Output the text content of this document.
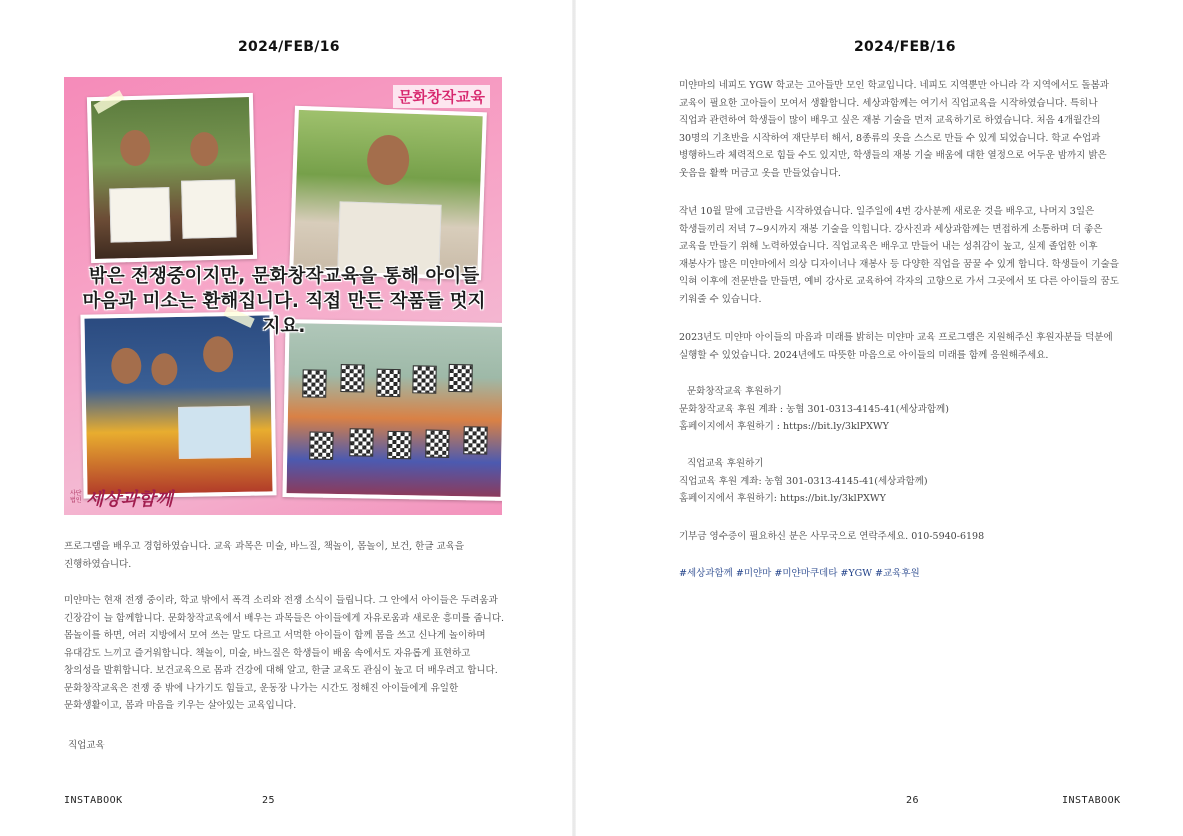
2024/FEB/16
문화창작교육
밖은 전쟁중이지만, 문화창작교육을 통해 아이들
마음과 미소는 환해집니다. 직접 만든 작품들 멋지지요.
사단
법인 세상과함께

프로그램을 배우고 경험하였습니다. 교육 과목은 미술, 바느질, 책놀이, 몸놀이, 보건, 한글 교육을
진행하였습니다.

미얀마는 현재 전쟁 중이라, 학교 밖에서 폭격 소리와 전쟁 소식이 들립니다. 그 안에서 아이들은 두려움과
긴장감이 늘 함께합니다. 문화창작교육에서 배우는 과목들은 아이들에게 자유로움과 새로운 흥미를 줍니다.
몸놀이를 하면, 여러 지방에서 모여 쓰는 말도 다르고 서먹한 아이들이 함께 몸을 쓰고 신나게 놀이하며
유대감도 느끼고 즐거워합니다. 책놀이, 미술, 바느질은 학생들이 배움 속에서도 자유롭게 표현하고
창의성을 발휘합니다. 보건교육으로 몸과 건강에 대해 알고, 한글 교육도 관심이 높고 더 배우려고 합니다.
문화창작교육은 전쟁 중 밖에 나가기도 힘들고, 운동장 나가는 시간도 정해진 아이들에게 유일한
문화생활이고, 몸과 마음을 키우는 살아있는 교육입니다.

직업교육

INSTABOOK	25
2024/FEB/16

미얀마의 네피도 YGW 학교는 고아들만 모인 학교입니다. 네피도 지역뿐만 아니라 각 지역에서도 돌봄과
교육이 필요한 고아들이 모여서 생활합니다. 세상과함께는 여기서 직업교육을 시작하였습니다. 특히나
직업과 관련하여 학생들이 많이 배우고 싶은 재봉 기술을 먼저 교육하기로 하였습니다. 처음 4개월간의
30명의 기초반을 시작하여 재단부터 해서, 8종류의 옷을 스스로 만들 수 있게 되었습니다. 학교 수업과
병행하느라 체력적으로 힘들 수도 있지만, 학생들의 재봉 기술 배움에 대한 열정으로 어두운 밤까지 밝은
웃음을 활짝 머금고 옷을 만들었습니다.

작년 10월 말에 고급반을 시작하였습니다. 일주일에 4번 강사분께 새로운 것을 배우고, 나머지 3일은
학생들끼리 저녁 7~9시까지 재봉 기술을 익힙니다. 강사진과 세상과함께는 면접하게 소통하며 더 좋은
교육을 만들기 위해 노력하였습니다. 직업교육은 배우고 만들어 내는 성취감이 높고, 실제 졸업한 이후
재봉사가 많은 미얀마에서 의상 디자이너나 재봉사 등 다양한 직업을 꿈꿀 수 있게 합니다. 학생들이 기술을
익혀 이후에 전문반을 만들면, 예비 강사로 교육하여 각자의 고향으로 가서 그곳에서 또 다른 아이들의 꿈도
키워줄 수 있습니다.

2023년도 미얀마 아이들의 마음과 미래를 밝히는 미얀마 교육 프로그램은 지원해주신 후원자분들 덕분에
실행할 수 있었습니다. 2024년에도 따뜻한 마음으로 아이들의 미래를 함께 응원해주세요.

문화창작교육 후원하기
문화창작교육 후원 계좌 : 농협 301-0313-4145-41(세상과함께)
홈페이지에서 후원하기 : https://bit.ly/3klPXWY

직업교육 후원하기
직업교육 후원 계좌: 농협 301-0313-4145-41(세상과함께)
홈페이지에서 후원하기: https://bit.ly/3klPXWY

기부금 영수증이 필요하신 분은 사무국으로 연락주세요. 010-5940-6198

#세상과함께 #미얀마 #미얀마쿠데타 #YGW #교육후원

26	INSTABOOK
